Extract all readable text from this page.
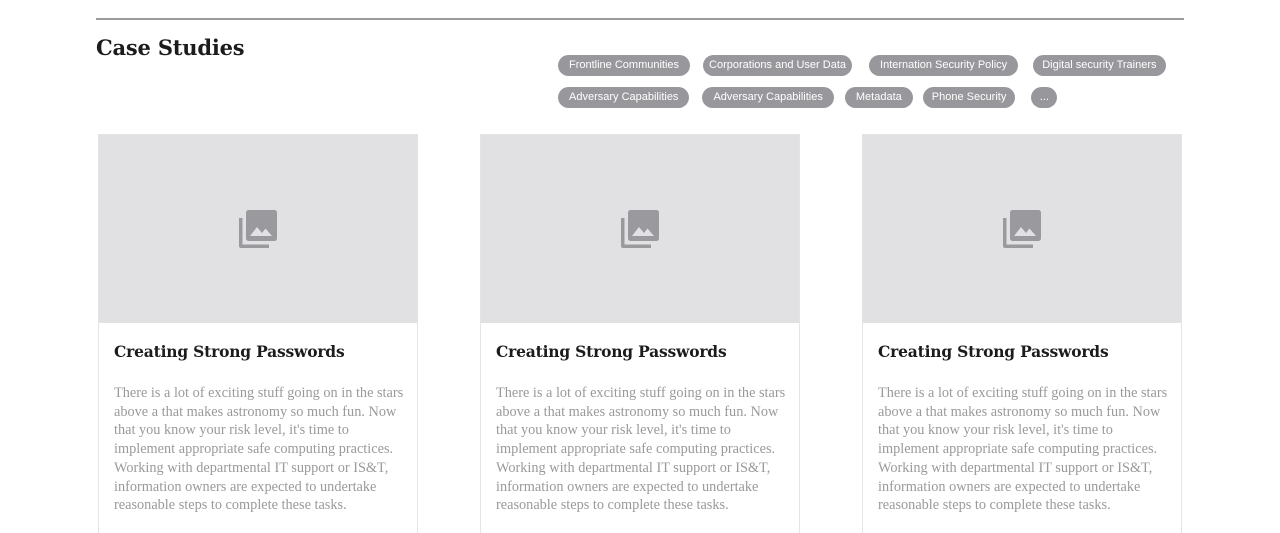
Case Studies
Frontline Communities	Corporations and User Data	Internation Security Policy	Digital security Trainers
Adversary Capabilities	Adversary Capabilities	Metadata	Phone Security	...
Creating Strong Passwords

There is a lot of exciting stuff going on in the stars above a that makes astronomy so much fun. Now that you know your risk level, it's time to implement appropriate safe computing practices. Working with departmental IT support or IS&T, information owners are expected to undertake reasonable steps to complete these tasks.

Creating Strong Passwords

There is a lot of exciting stuff going on in the stars above a that makes astronomy so much fun. Now that you know your risk level, it's time to implement appropriate safe computing practices. Working with departmental IT support or IS&T, information owners are expected to undertake reasonable steps to complete these tasks.

Creating Strong Passwords

There is a lot of exciting stuff going on in the stars above a that makes astronomy so much fun. Now that you know your risk level, it's time to implement appropriate safe computing practices. Working with departmental IT support or IS&T, information owners are expected to undertake reasonable steps to complete these tasks.
